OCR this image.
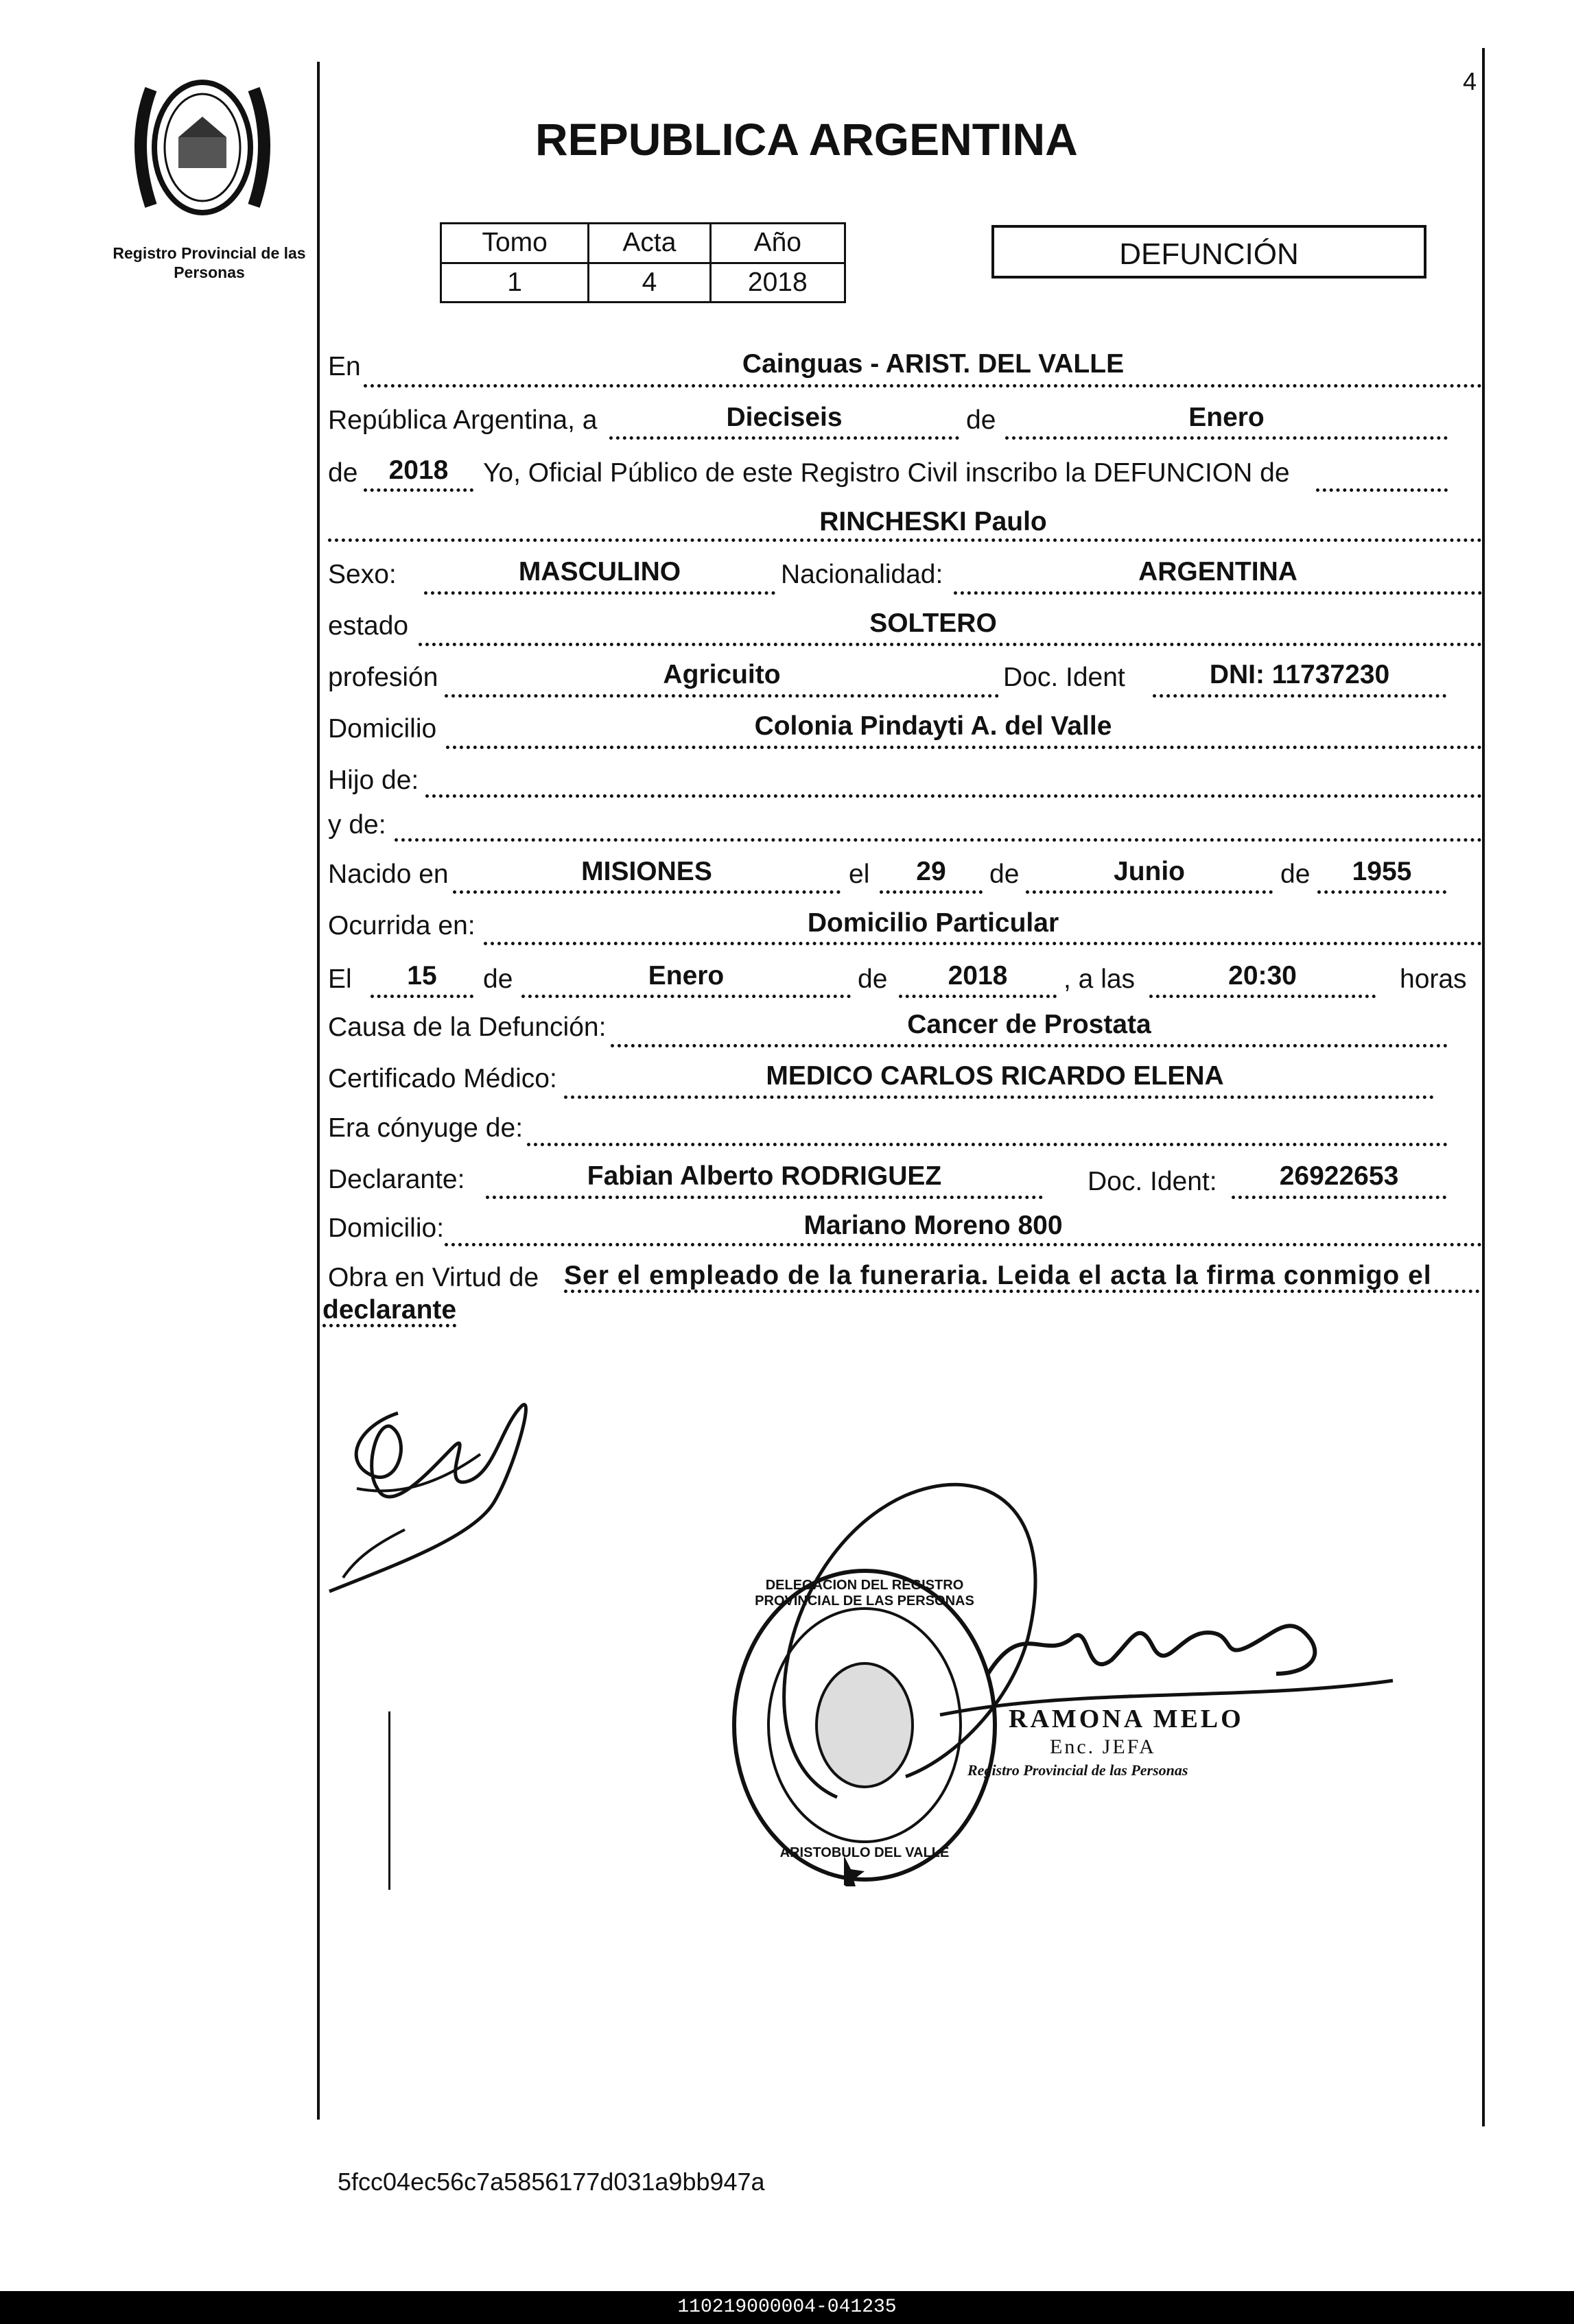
Registro Provincial de las Personas
4
REPUBLICA ARGENTINA
Tomo	Acta	Año
1	4	2018
DEFUNCIÓN
En	Cainguas - ARIST. DEL VALLE
República Argentina, a	Dieciseis	de	Enero
de	2018	Yo, Oficial Público de este Registro Civil inscribo la DEFUNCION de
RINCHESKI Paulo
Sexo:	MASCULINO	Nacionalidad:	ARGENTINA
estado	SOLTERO
profesión	Agricuito	Doc. Ident	DNI: 11737230
Domicilio	Colonia Pindayti A. del Valle
Hijo de:
y de:
Nacido en	MISIONES	el	29	de	Junio	de	1955
Ocurrida en:	Domicilio Particular
El	15	de	Enero	de	2018	, a las	20:30	horas
Causa de la Defunción:	Cancer de Prostata
Certificado Médico:	MEDICO CARLOS RICARDO ELENA
Era cónyuge de:
Declarante:	Fabian Alberto RODRIGUEZ	Doc. Ident:	26922653
Domicilio:	Mariano Moreno 800
Obra en Virtud de Ser el empleado de la funeraria. Leida el acta la firma conmigo el
declarante
DELEGACION DEL REGISTRO PROVINCIAL DE LAS PERSONAS
ARISTOBULO DEL VALLE
RAMONA MELO
Enc. JEFA
Registro Provincial de las Personas
5fcc04ec56c7a5856177d031a9bb947a
110219000004-041235
